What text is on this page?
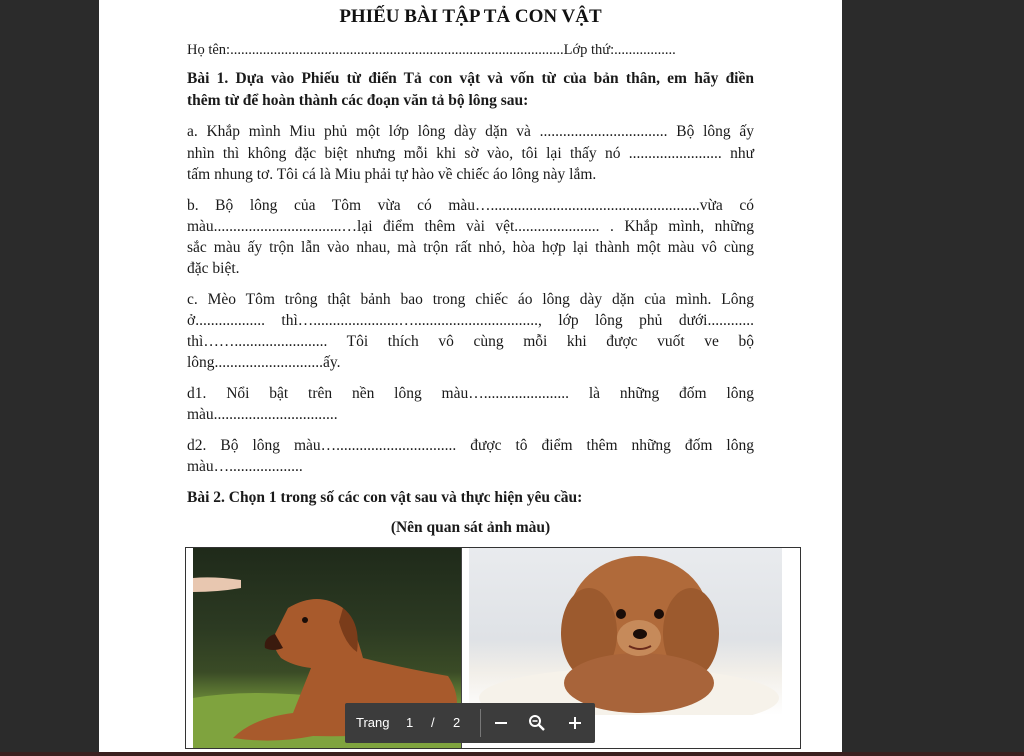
PHIẾU BÀI TẬP TẢ CON VẬT
Họ tên:............................................................................................Lớp thứ:.................
Bài 1. Dựa vào Phiếu từ điển Tả con vật và vốn từ của bản thân, em hãy điền
thêm từ để hoàn thành các đoạn văn tả bộ lông sau:
a. Khắp mình Miu phủ một lớp lông dày dặn và ................................. Bộ lông ấy
nhìn thì không đặc biệt nhưng mỗi khi sờ vào, tôi lại thấy nó ........................ như
tấm nhung tơ. Tôi cá là Miu phải tự hào về chiếc áo lông này lắm.
b. Bộ lông của Tôm vừa có màu…......................................................vừa có
màu.................................…lại điểm thêm vài vệt...................... . Khắp mình, những
sắc màu ấy trộn lẫn vào nhau, mà trộn rất nhỏ, hòa hợp lại thành một màu vô cùng
đặc biệt.
c. Mèo Tôm trông thật bảnh bao trong chiếc áo lông dày dặn của mình. Lông
ở.................. thì…......................…................................, lớp lông phủ dưới............
thì……........................ Tôi thích vô cùng mỗi khi được vuốt ve bộ
lông............................ấy.
d1. Nổi bật trên nền lông màu…...................... là những đốm lông
màu................................
d2. Bộ lông màu…............................... được tô điểm thêm những đốm lông
màu…...................
Bài 2. Chọn 1 trong số các con vật sau và thực hiện yêu cầu:
(Nên quan sát ảnh màu)
Trang 1 / 2
